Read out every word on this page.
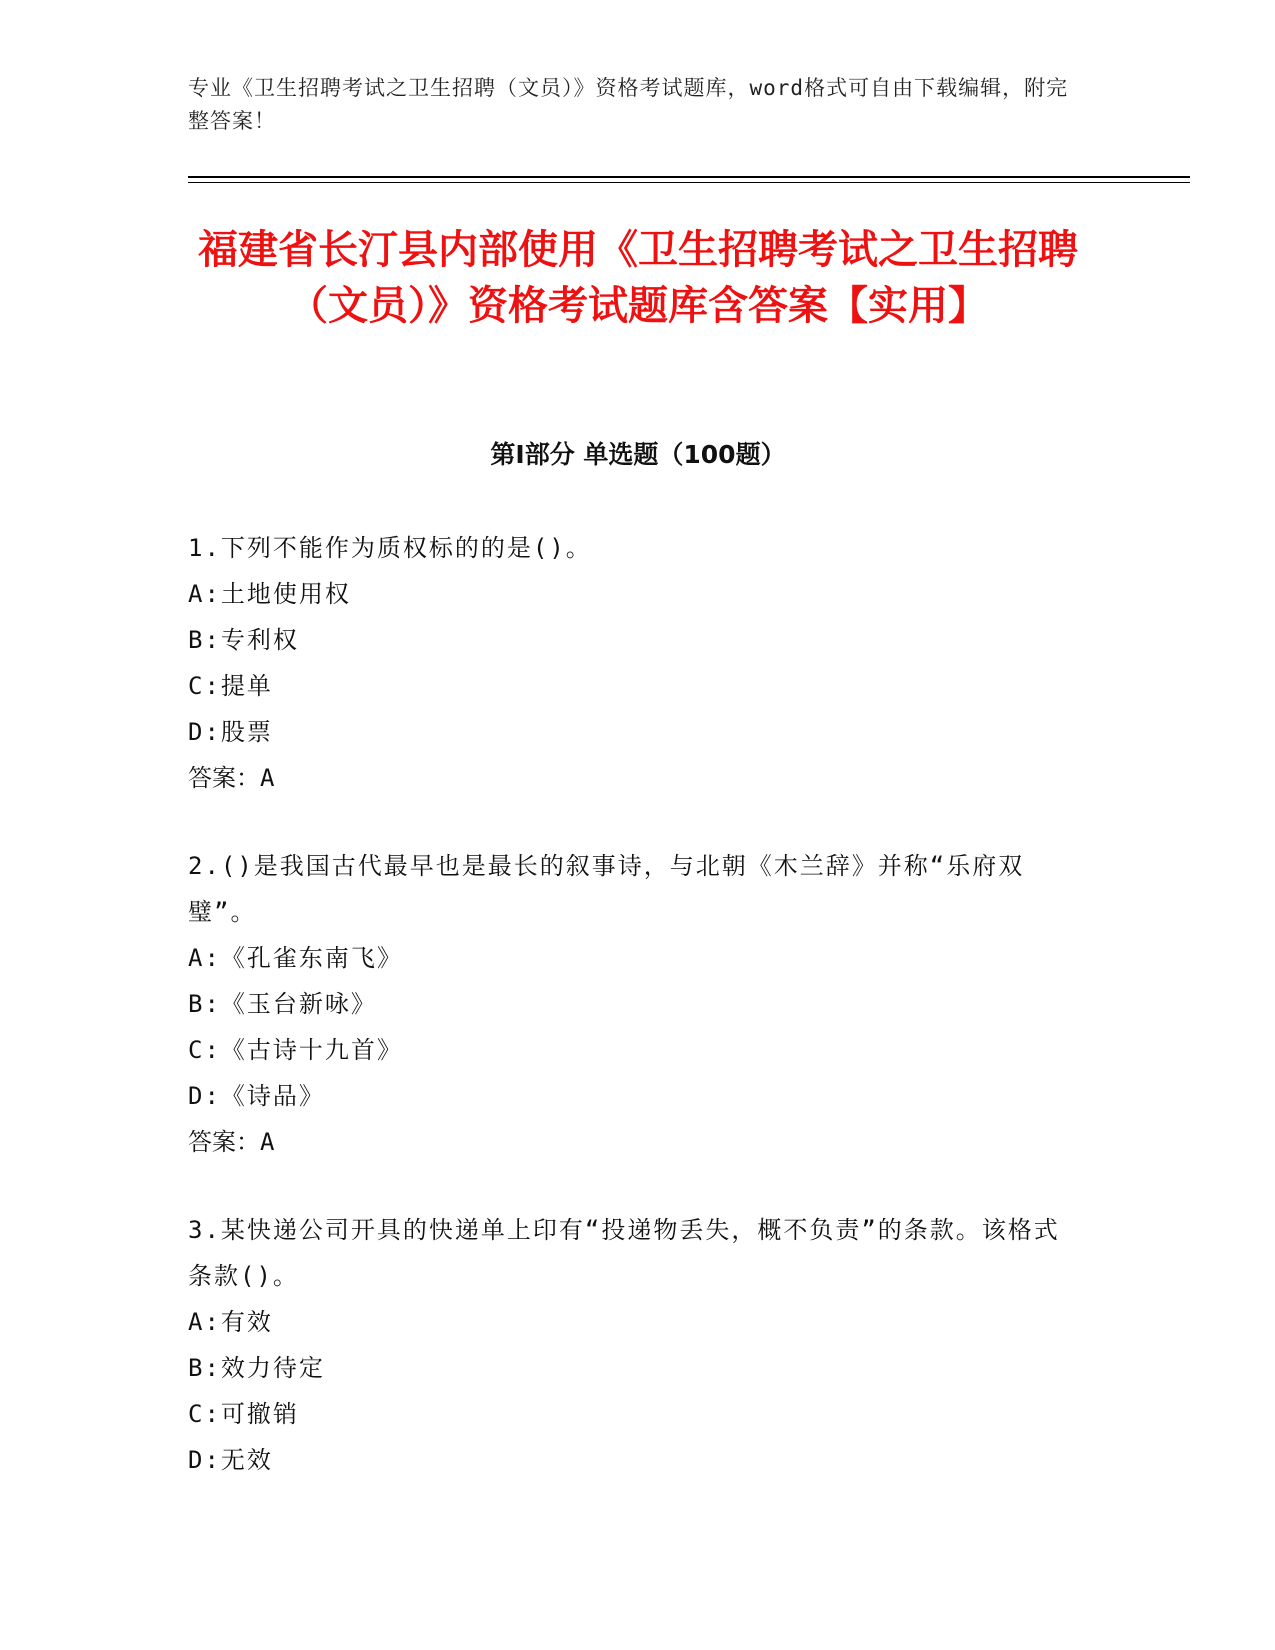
专业《卫生招聘考试之卫生招聘（文员）》资格考试题库，word格式可自由下载编辑，附完整答案！
福建省长汀县内部使用《卫生招聘考试之卫生招聘（文员）》资格考试题库含答案【实用】
第Ⅰ部分 单选题（100题）

1.下列不能作为质权标的的是()。

A:土地使用权

B:专利权

C:提单

D:股票

答案：A

2.()是我国古代最早也是最长的叙事诗，与北朝《木兰辞》并称“乐府双璧”。

A:《孔雀东南飞》

B:《玉台新咏》

C:《古诗十九首》

D:《诗品》

答案：A

3.某快递公司开具的快递单上印有“投递物丢失，概不负责”的条款。该格式条款()。

A:有效

B:效力待定

C:可撤销

D:无效
